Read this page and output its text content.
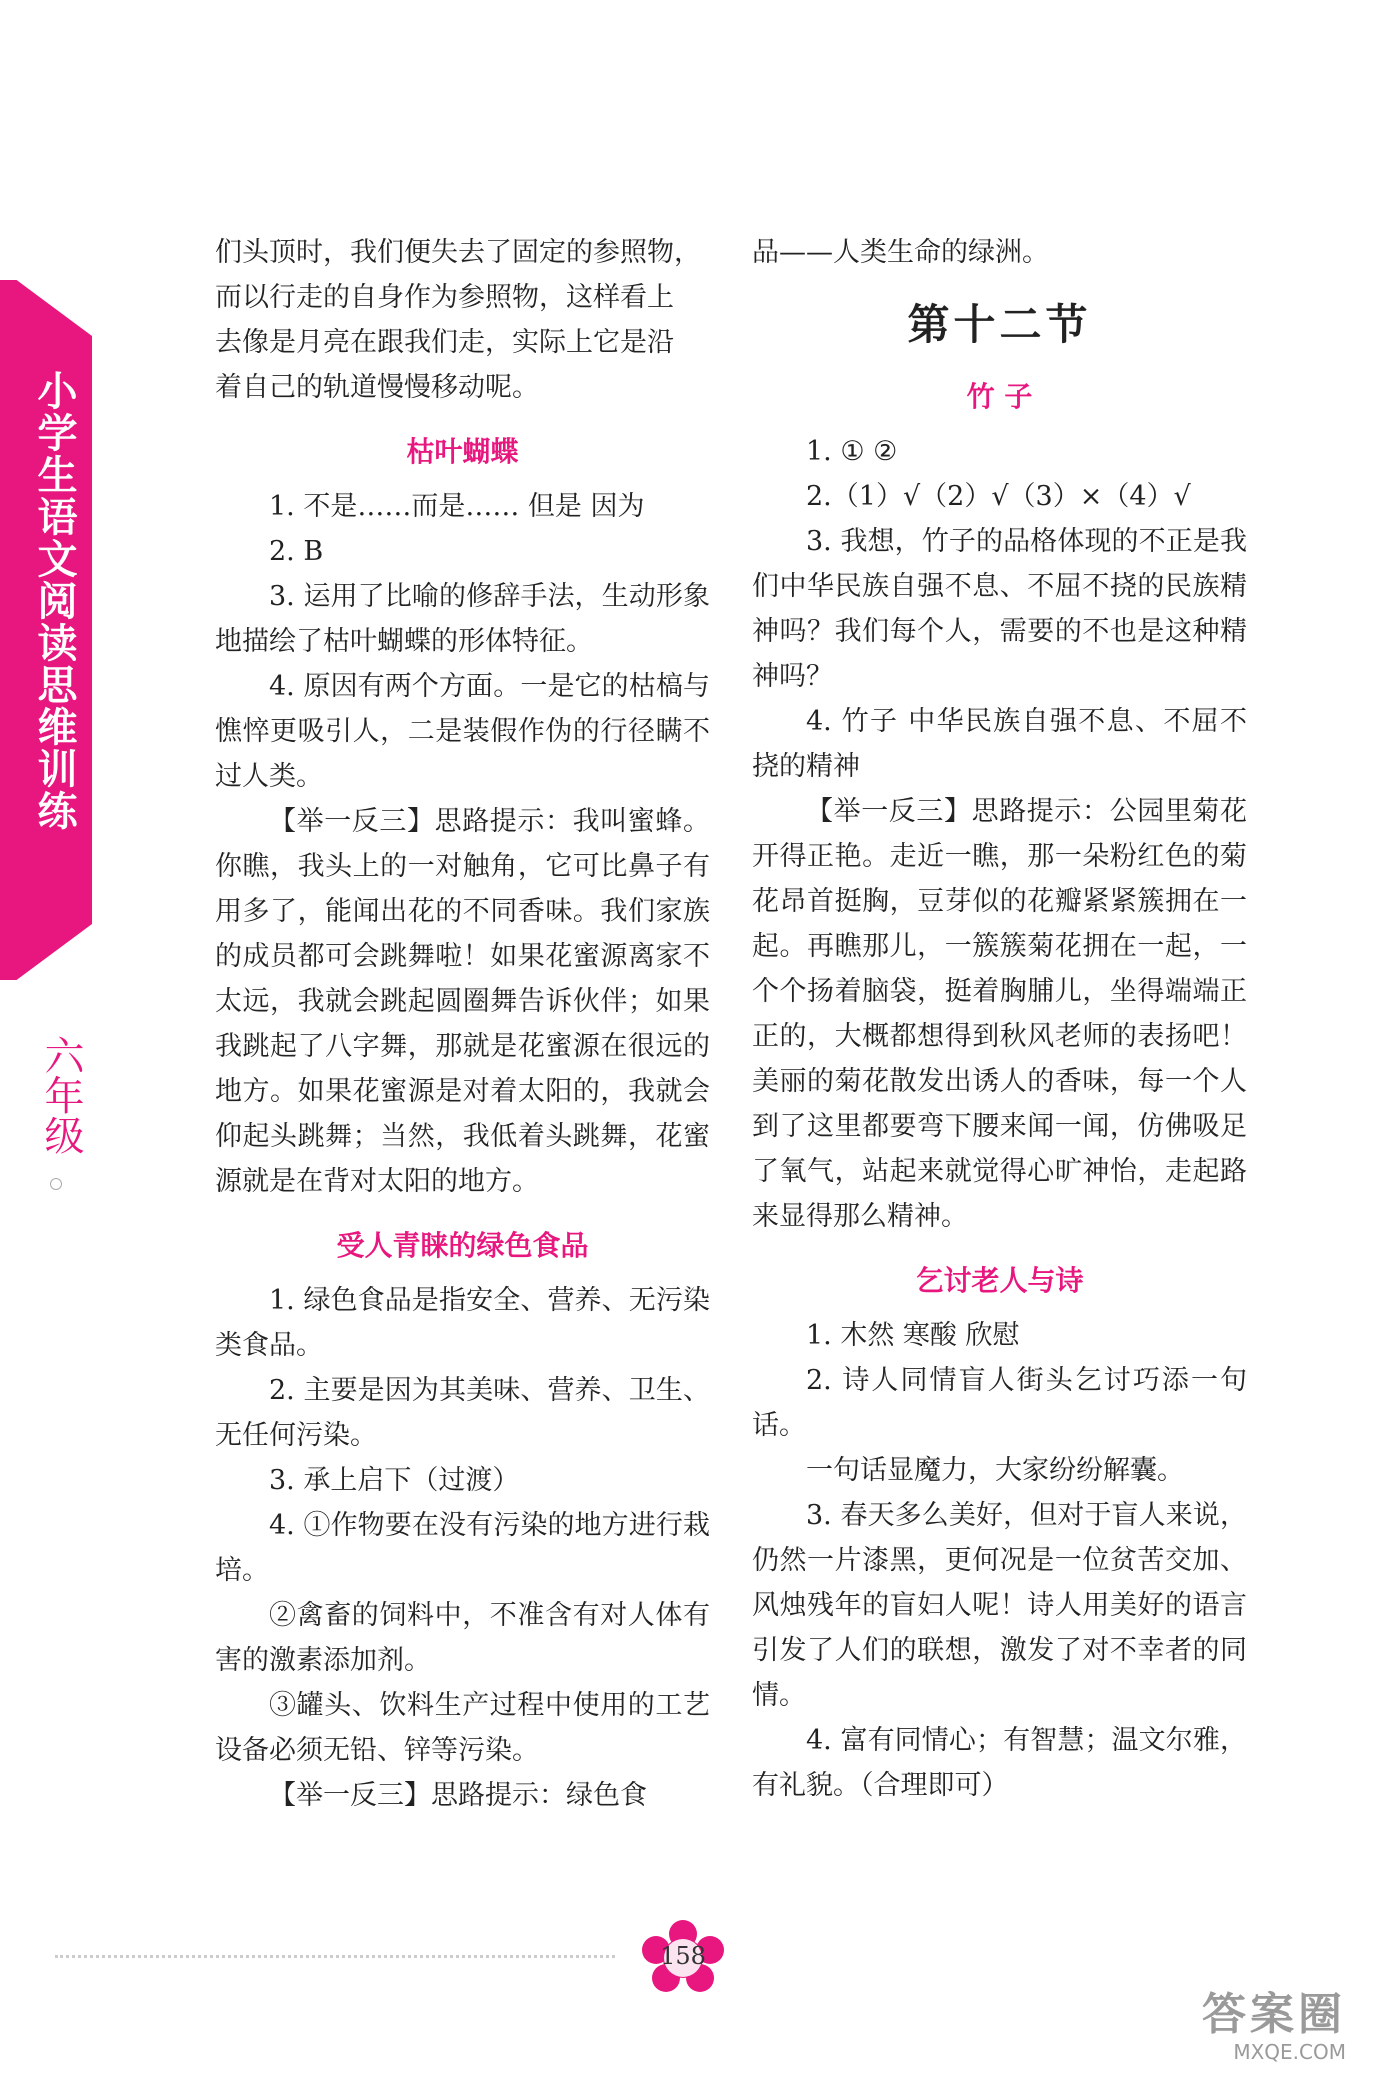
小学生语文阅读思维训练
六年级

们头顶时，我们便失去了固定的参照物，

而以行走的自身作为参照物，这样看上

去像是月亮在跟我们走，实际上它是沿

着自己的轨道慢慢移动呢。

枯叶蝴蝶

1. 不是……而是…… 但是 因为

2. B

3. 运用了比喻的修辞手法，生动形象地描绘了枯叶蝴蝶的形体特征。

4. 原因有两个方面。一是它的枯槁与憔悴更吸引人，二是装假作伪的行径瞒不过人类。

【举一反三】思路提示：我叫蜜蜂。你瞧，我头上的一对触角，它可比鼻子有用多了，能闻出花的不同香味。我们家族的成员都可会跳舞啦！如果花蜜源离家不太远，我就会跳起圆圈舞告诉伙伴；如果我跳起了八字舞，那就是花蜜源在很远的地方。如果花蜜源是对着太阳的，我就会仰起头跳舞；当然，我低着头跳舞，花蜜源就是在背对太阳的地方。

受人青睐的绿色食品

1. 绿色食品是指安全、营养、无污染类食品。

2. 主要是因为其美味、营养、卫生、无任何污染。

3. 承上启下（过渡）

4. ①作物要在没有污染的地方进行栽培。

②禽畜的饲料中，不准含有对人体有害的激素添加剂。

③罐头、饮料生产过程中使用的工艺设备必须无铅、锌等污染。

【举一反三】思路提示：绿色食

品——人类生命的绿洲。

第十二节
竹 子

1. ① ②

2.（1）√（2）√（3）×（4）√

3. 我想，竹子的品格体现的不正是我们中华民族自强不息、不屈不挠的民族精神吗？我们每个人，需要的不也是这种精神吗？

4. 竹子 中华民族自强不息、不屈不挠的精神

【举一反三】思路提示：公园里菊花开得正艳。走近一瞧，那一朵粉红色的菊花昂首挺胸，豆芽似的花瓣紧紧簇拥在一起。再瞧那儿，一簇簇菊花拥在一起，一个个扬着脑袋，挺着胸脯儿，坐得端端正正的，大概都想得到秋风老师的表扬吧！美丽的菊花散发出诱人的香味，每一个人到了这里都要弯下腰来闻一闻，仿佛吸足了氧气，站起来就觉得心旷神怡，走起路来显得那么精神。

乞讨老人与诗

1. 木然 寒酸 欣慰

2. 诗人同情盲人街头乞讨巧添一句话。

一句话显魔力，大家纷纷解囊。

3. 春天多么美好，但对于盲人来说，仍然一片漆黑，更何况是一位贫苦交加、风烛残年的盲妇人呢！诗人用美好的语言引发了人们的联想，激发了对不幸者的同情。

4. 富有同情心；有智慧；温文尔雅，有礼貌。（合理即可）

158
答案圈
MXQE.COM
